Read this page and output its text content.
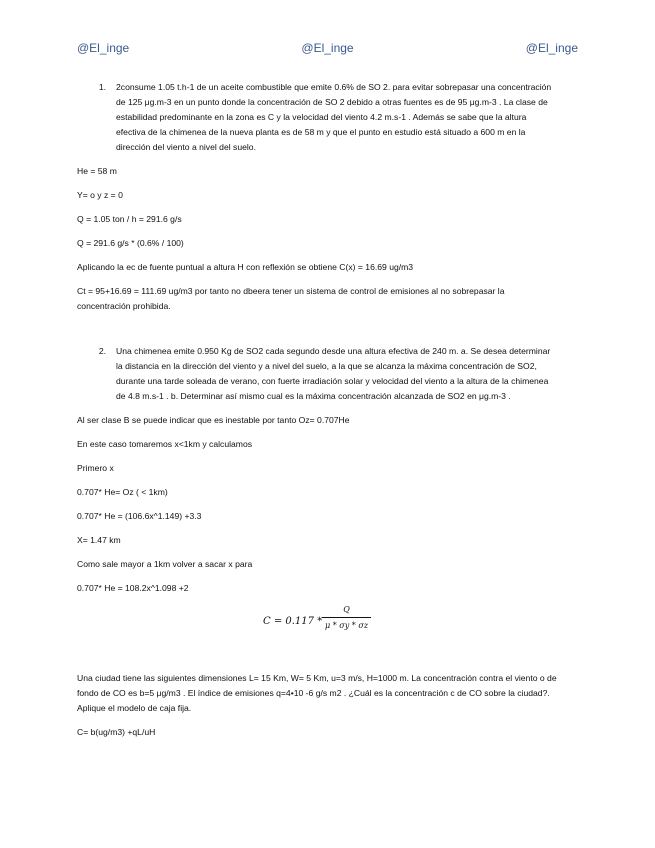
@El_inge	@El_inge	@El_inge
1.	2consume 1.05 t.h-1 de un aceite combustible que emite 0.6% de SO 2. para evitar sobrepasar una concentración de 125 μg.m-3 en un punto donde la concentración de SO 2 debido a otras fuentes es de 95 μg.m-3 . La clase de estabilidad predominante en la zona es C y la velocidad del viento 4.2 m.s-1 . Además se sabe que la altura efectiva de la chimenea de la nueva planta es de 58 m y que el punto en estudio está situado a 600 m en la dirección del viento a nivel del suelo.

He = 58 m

Y= o y z = 0

Q = 1.05 ton / h = 291.6 g/s

Q = 291.6 g/s * (0.6% / 100)

Aplicando la ec de fuente puntual a altura H con reflexión se obtiene C(x) = 16.69 ug/m3

Ct = 95+16.69 = 111.69 ug/m3 por tanto no dbeera tener un sistema de control de emisiones al no sobrepasar la concentración prohibida.

2.	Una chimenea emite 0.950 Kg de SO2 cada segundo desde una altura efectiva de 240 m. a. Se desea determinar la distancia en la dirección del viento y a nivel del suelo, a la que se alcanza la máxima concentración de SO2, durante una tarde soleada de verano, con fuerte irradiación solar y velocidad del viento a la altura de la chimenea de 4.8 m.s-1 . b. Determinar así mismo cual es la máxima concentración alcanzada de SO2 en μg.m-3 .

Al ser clase B se puede indicar que es inestable por tanto Oz= 0.707He

En este caso tomaremos x<1km y calculamos

Primero x

0.707* He= Oz ( < 1km)

0.707* He = (106.6x^1.149) +3.3

X= 1.47 km

Como sale mayor a 1km volver a sacar x para

0.707* He = 108.2x^1.098 +2

$C = 0.117 * \frac{Q}{\mu * \sigma y * \sigma z}$

Una ciudad tiene las siguientes dimensiones L= 15 Km, W= 5 Km, u=3 m/s, H=1000 m. La concentración contra el viento o de fondo de CO es b=5 μg/m3 . El índice de emisiones q=4•10 -6 g/s m2 . ¿Cuál es la concentración c de CO sobre la ciudad?. Aplique el modelo de caja fija.

C= b(ug/m3) +qL/uH
